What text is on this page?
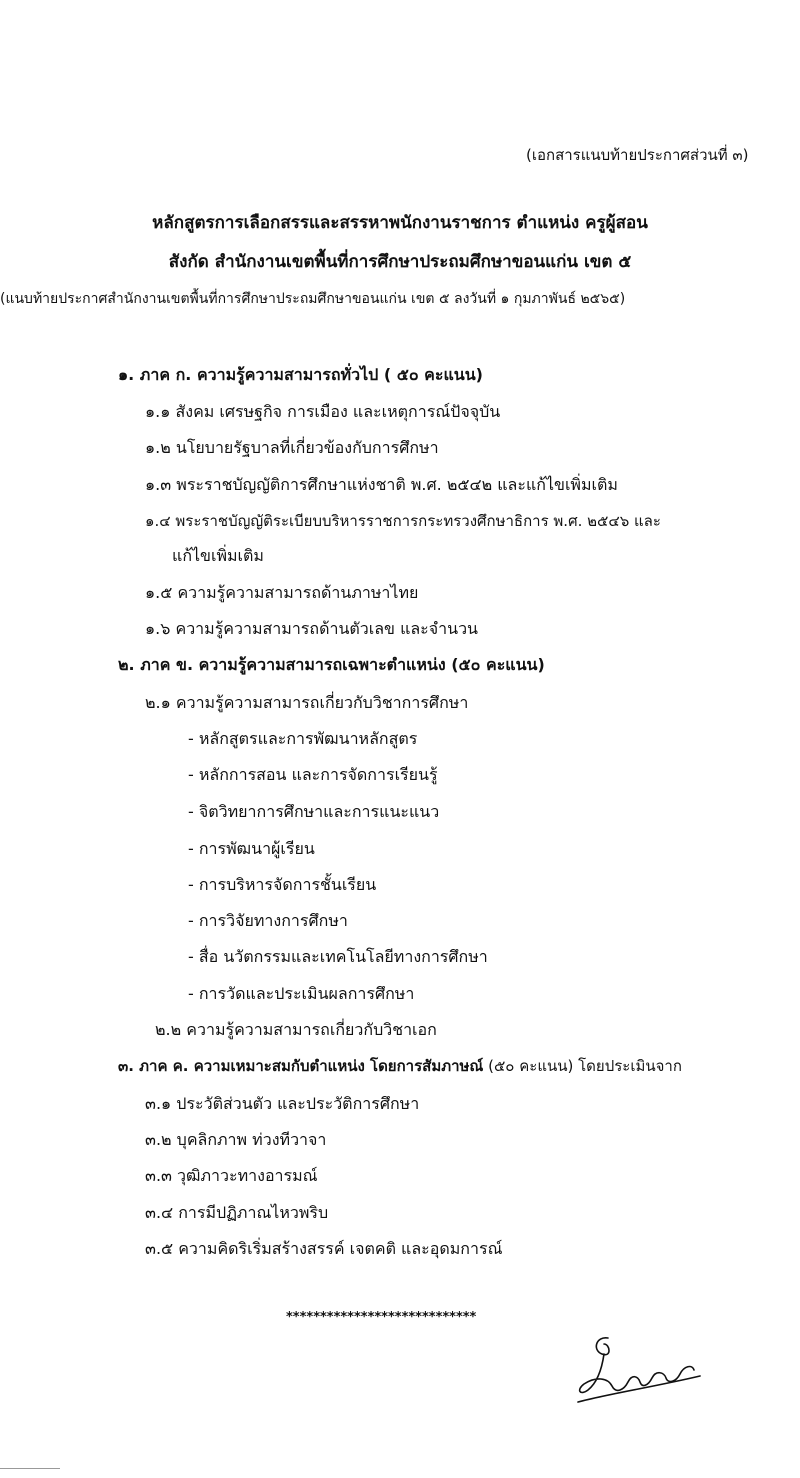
(เอกสารแนบท้ายประกาศส่วนที่ ๓)
หลักสูตรการเลือกสรรและสรรหาพนักงานราชการ ตำแหน่ง ครูผู้สอน
สังกัด สำนักงานเขตพื้นที่การศึกษาประถมศึกษาขอนแก่น เขต ๕
(แนบท้ายประกาศสำนักงานเขตพื้นที่การศึกษาประถมศึกษาขอนแก่น เขต ๕ ลงวันที่ ๑ กุมภาพันธ์ ๒๕๖๕)
๑. ภาค ก. ความรู้ความสามารถทั่วไป ( ๕๐ คะแนน)
๑.๑ สังคม เศรษฐกิจ การเมือง และเหตุการณ์ปัจจุบัน
๑.๒ นโยบายรัฐบาลที่เกี่ยวข้องกับการศึกษา
๑.๓ พระราชบัญญัติการศึกษาแห่งชาติ พ.ศ. ๒๕๔๒ และแก้ไขเพิ่มเติม
๑.๔ พระราชบัญญัติระเบียบบริหารราชการกระทรวงศึกษาธิการ พ.ศ. ๒๕๔๖ และ
แก้ไขเพิ่มเติม
๑.๕ ความรู้ความสามารถด้านภาษาไทย
๑.๖ ความรู้ความสามารถด้านตัวเลข และจำนวน
๒. ภาค ข. ความรู้ความสามารถเฉพาะตำแหน่ง (๕๐ คะแนน)
๒.๑ ความรู้ความสามารถเกี่ยวกับวิชาการศึกษา
- หลักสูตรและการพัฒนาหลักสูตร
- หลักการสอน และการจัดการเรียนรู้
- จิตวิทยาการศึกษาและการแนะแนว
- การพัฒนาผู้เรียน
- การบริหารจัดการชั้นเรียน
- การวิจัยทางการศึกษา
- สื่อ นวัตกรรมและเทคโนโลยีทางการศึกษา
- การวัดและประเมินผลการศึกษา
๒.๒ ความรู้ความสามารถเกี่ยวกับวิชาเอก
๓. ภาค ค. ความเหมาะสมกับตำแหน่ง โดยการสัมภาษณ์ (๕๐ คะแนน) โดยประเมินจาก
๓.๑ ประวัติส่วนตัว และประวัติการศึกษา
๓.๒ บุคลิกภาพ ท่วงทีวาจา
๓.๓ วุฒิภาวะทางอารมณ์
๓.๔ การมีปฏิภาณไหวพริบ
๓.๕ ความคิดริเริ่มสร้างสรรค์ เจตคติ และอุดมการณ์
****************************
